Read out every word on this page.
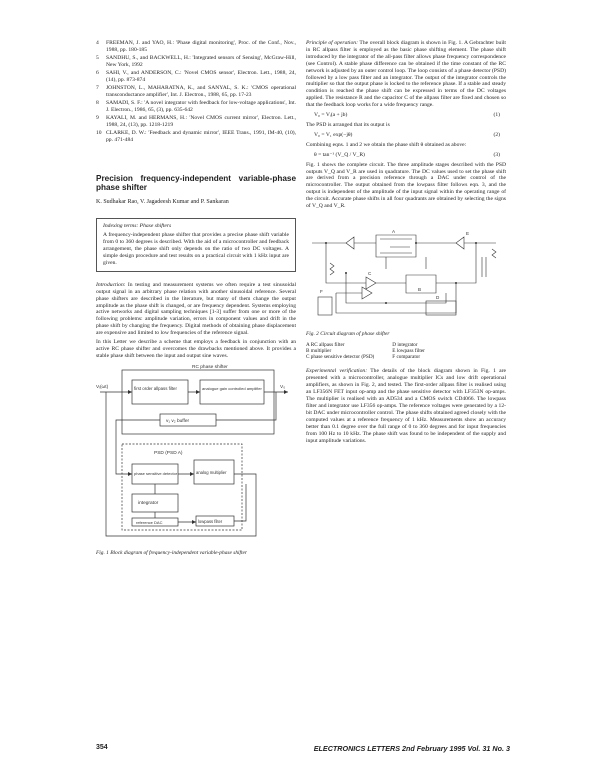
4 FREEMAN, J. and YAO, H.: 'Phase digital monitoring', Proc. of the Conf., Nov., 1988, pp. 180-185
5 SANDHU, S., and BACKWELL, H.: 'Integrated sensors of Sensing', McGraw-Hill, New York, 1992
6 SAHI, V., and ANDERSON, C.: 'Novel CMOS sensor', Electron. Lett., 1988, 24, (14), pp. 873-874
7 JOHNSTON, L., MAHARATNA, K., and SANYAL, S. K.: 'CMOS operational transconductance amplifier', Int. J. Electron., 1988, 65, pp. 17-23
8 SAMADI, S. F.: 'A novel integrator with feedback for low-voltage applications', Int. J. Electron., 1986, 65, (3), pp. 635-642
9 KAYALI, M. and HERMANS, H.: 'Novel CMOS current mirror', Electron. Lett., 1988, 24, (13), pp. 1218-1219
10 CLARKE, D. W.: 'Feedback and dynamic mirror', IEEE Trans., 1991, IM-40, (10), pp. 471-484
Precision frequency-independent variable-phase phase shifter
K. Sudhakar Rao, V. Jagadeesh Kumar and P. Sankaran
Indexing terms: Phase shifters
A frequency-independent phase shifter that provides a precise phase shift variable from 0 to 360 degrees is described. With the aid of a microcontroller and feedback arrangement, the phase shift only depends on the ratio of two DC voltages. A simple design procedure and test results on a practical circuit with 1 kHz input are given.

Introduction: In testing and measurement systems we often require a test sinusoidal output signal in an arbitrary phase relation with another sinusoidal reference. Several phase shifters are described in the literature, but many of them change the output amplitude as the phase shift is changed, or are frequency dependent. Systems employing active networks and digital sampling techniques [1-3] suffer from one or more of the following problems: amplitude variation, errors in component values and drift in the phase shift by changing the frequency. Digital methods of obtaining phase displacement are expensive and limited to low frequencies of the reference signal.

In this Letter we describe a scheme that employs a feedback in conjunction with an active RC phase shifter and overcomes the drawbacks mentioned above. It provides a stable phase shift between the input and output sine waves.

RC phase shifter
Vᵢ(ωt)	V₀
first order allpass filter	analogue gain controlled amplifier
v₁ v₂ buffer
PSD (PSD A)
phase sensitive detector	analog multiplier
integrator
reference DAC	lowpass filter
Fig. 1 Block diagram of frequency-independent variable-phase shifter

Principle of operation: The overall block diagram is shown in Fig. 1. A Gebrachter built in RC allpass filter is employed as the basic phase shifting element. The phase shift introduced by the integrator of the all-pass filter allows phase frequency correspondence (see Control). A stable phase difference can be obtained if the time constant of the RC network is adjusted by an outer control loop. The loop consists of a phase detector (PSD) followed by a low pass filter and an integrator. The output of the integrator controls the multiplier so that the output phase is locked to the reference phase. If a stable and steady condition is reached the phase shift can be expressed in terms of the DC voltages applied. The resistance R and the capacitor C of the allpass filter are fixed and chosen so that the feedback loop works for a wide frequency range.

V₀ = Vᵢ(a + jb)	(1)

The PSD is arranged that its output is

V₀ = V₁ exp(−jθ)	(2)

Combining eqns. 1 and 2 we obtain the phase shift θ obtained as above:

θ = tan⁻¹ (V_Q / V_R)	(3)

Fig. 1 shows the complete circuit. The three amplitude stages described with the PSD outputs V_Q and V_R are used in quadrature. The DC values used to set the phase shift are derived from a precision reference through a DAC under control of the microcontroller. The output obtained from the lowpass filter follows eqn. 3, and the output is independent of the amplitude of the input signal within the operating range of the circuit. Accurate phase shifts in all four quadrants are obtained by selecting the signs of V_Q and V_R.

A
B
C
D
E
F
Fig. 2 Circuit diagram of phase shifter
A RC allpass filter
B multiplier
C phase sensitive detector (PSD)
D integrator
E lowpass filter
F comparator

Experimental verification: The details of the block diagram shown in Fig. 1 are presented with a microcontroller, analogue multiplier ICs and low drift operational amplifiers, as shown in Fig. 2, and tested. The first-order allpass filter is realised using an LF356N FET input op-amp and the phase sensitive detector with LF353N op-amps. The multiplier is realised with an AD534 and a CMOS switch CD4066. The lowpass filter and integrator use LF356 op-amps. The reference voltages were generated by a 12-bit DAC under microcontroller control. The phase shifts obtained agreed closely with the computed values at a reference frequency of 1 kHz. Measurements show an accuracy better than 0.1 degree over the full range of 0 to 360 degrees and for input frequencies from 100 Hz to 10 kHz. The phase shift was found to be independent of the supply and input amplitude variations.

354	ELECTRONICS LETTERS 2nd February 1995 Vol. 31 No. 3
